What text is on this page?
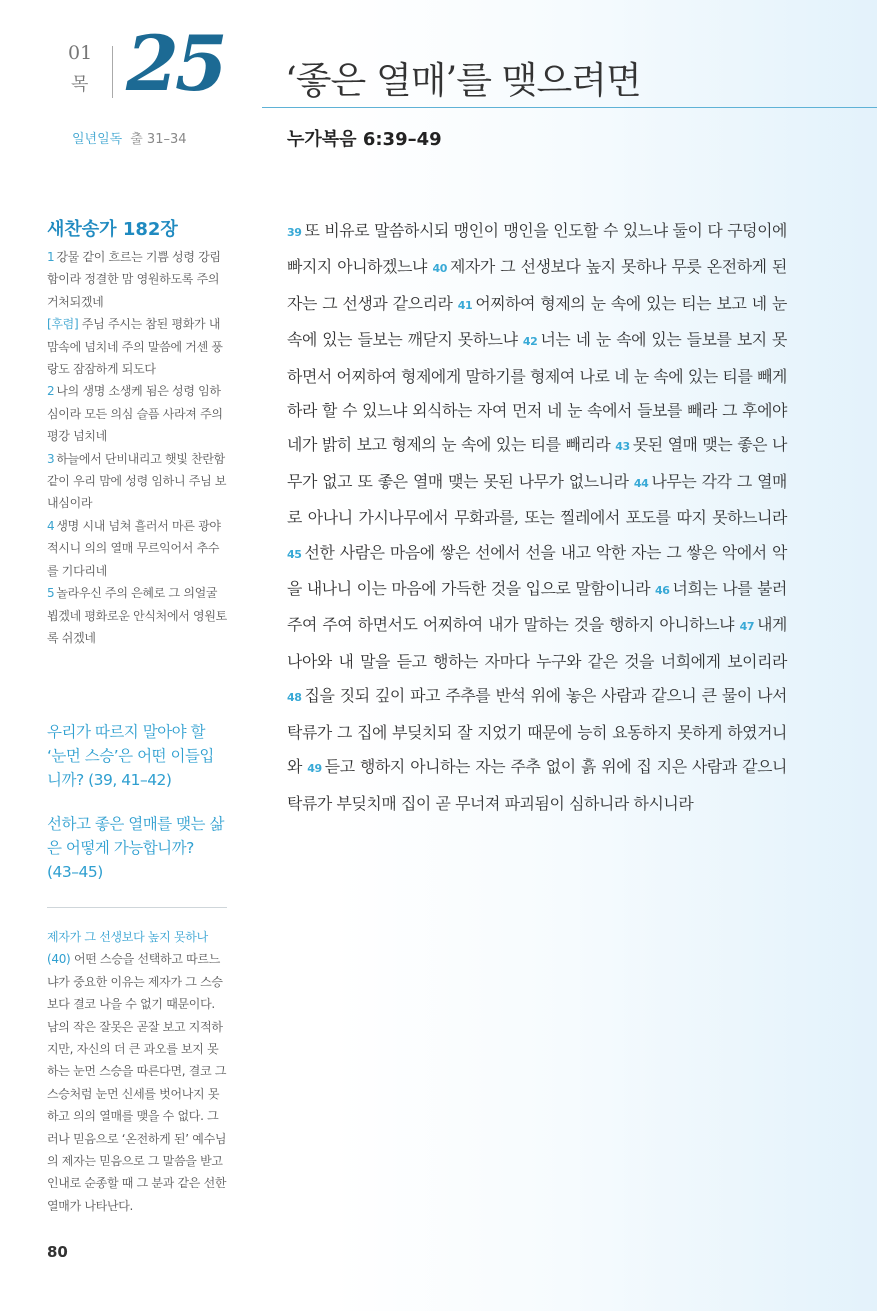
01
목 25 ‘좋은 열매’를 맺으려면
일년일독 출 31–34	누가복음 6:39–49
새찬송가 182장
1 강물 같이 흐르는 기쁨 성령 강림함이라 정결한 맘 영원하도록 주의 거처되겠네
[후렴] 주님 주시는 참된 평화가 내 맘속에 넘치네 주의 말씀에 거센 풍랑도 잠잠하게 되도다
2 나의 생명 소생케 됨은 성령 임하심이라 모든 의심 슬픔 사라져 주의 평강 넘치네
3 하늘에서 단비내리고 햇빛 찬란함 같이 우리 맘에 성령 임하니 주님 보내심이라
4 생명 시내 넘쳐 흘러서 마른 광야 적시니 의의 열매 무르익어서 추수를 기다리네
5 놀라우신 주의 은혜로 그 의얼굴 뵙겠네 평화로운 안식처에서 영원토록 쉬겠네
우리가 따르지 말아야 할 ‘눈먼 스승’은 어떤 이들입니까? (39, 41–42)
선하고 좋은 열매를 맺는 삶은 어떻게 가능합니까? (43–45)
제자가 그 선생보다 높지 못하나(40) 어떤 스승을 선택하고 따르느냐가 중요한 이유는 제자가 그 스승보다 결코 나을 수 없기 때문이다. 남의 작은 잘못은 곧잘 보고 지적하지만, 자신의 더 큰 과오를 보지 못하는 눈먼 스승을 따른다면, 결코 그 스승처럼 눈먼 신세를 벗어나지 못하고 의의 열매를 맺을 수 없다. 그러나 믿음으로 ‘온전하게 된’ 예수님의 제자는 믿음으로 그 말씀을 받고 인내로 순종할 때 그 분과 같은 선한 열매가 나타난다.
80
39 또 비유로 말씀하시되 맹인이 맹인을 인도할 수 있느냐 둘이 다 구덩이에 빠지지 아니하겠느냐 40 제자가 그 선생보다 높지 못하나 무릇 온전하게 된 자는 그 선생과 같으리라 41 어찌하여 형제의 눈 속에 있는 티는 보고 네 눈 속에 있는 들보는 깨닫지 못하느냐 42 너는 네 눈 속에 있는 들보를 보지 못하면서 어찌하여 형제에게 말하기를 형제여 나로 네 눈 속에 있는 티를 빼게 하라 할 수 있느냐 외식하는 자여 먼저 네 눈 속에서 들보를 빼라 그 후에야 네가 밝히 보고 형제의 눈 속에 있는 티를 빼리라 43 못된 열매 맺는 좋은 나무가 없고 또 좋은 열매 맺는 못된 나무가 없느니라 44 나무는 각각 그 열매로 아나니 가시나무에서 무화과를, 또는 찔레에서 포도를 따지 못하느니라 45 선한 사람은 마음에 쌓은 선에서 선을 내고 악한 자는 그 쌓은 악에서 악을 내나니 이는 마음에 가득한 것을 입으로 말함이니라 46 너희는 나를 불러 주여 주여 하면서도 어찌하여 내가 말하는 것을 행하지 아니하느냐 47 내게 나아와 내 말을 듣고 행하는 자마다 누구와 같은 것을 너희에게 보이리라 48 집을 짓되 깊이 파고 주추를 반석 위에 놓은 사람과 같으니 큰 물이 나서 탁류가 그 집에 부딪치되 잘 지었기 때문에 능히 요동하지 못하게 하였거니와 49 듣고 행하지 아니하는 자는 주추 없이 흙 위에 집 지은 사람과 같으니 탁류가 부딪치매 집이 곧 무너져 파괴됨이 심하니라 하시니라
